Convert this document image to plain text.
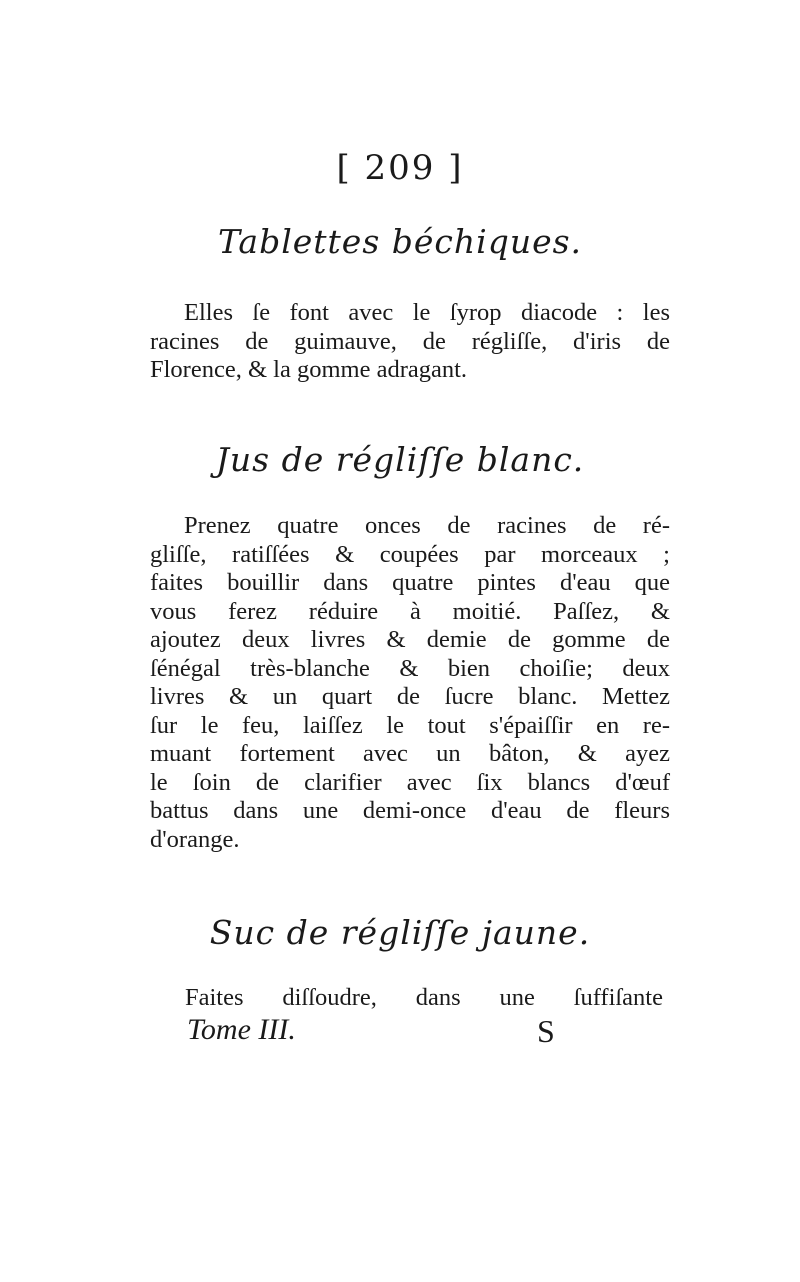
[ 209 ]
Tablettes béchiques.
Elles ſe font avec le ſyrop diacode : les
racines de guimauve, de régliſſe, d'iris de
Florence, & la gomme adragant.
Jus de régliſſe blanc.
Prenez quatre onces de racines de ré-
gliſſe, ratiſſées & coupées par morceaux ;
faites bouillir dans quatre pintes d'eau que
vous ferez réduire à moitié. Paſſez, &
ajoutez deux livres & demie de gomme de
ſénégal très-blanche & bien choiſie; deux
livres & un quart de ſucre blanc. Mettez
ſur le feu, laiſſez le tout s'épaiſſir en re-
muant fortement avec un bâton, & ayez
le ſoin de clarifier avec ſix blancs d'œuf
battus dans une demi-once d'eau de fleurs
d'orange.
Suc de régliſſe jaune.
Faites diſſoudre, dans une ſuffiſante
Tome III.	S
